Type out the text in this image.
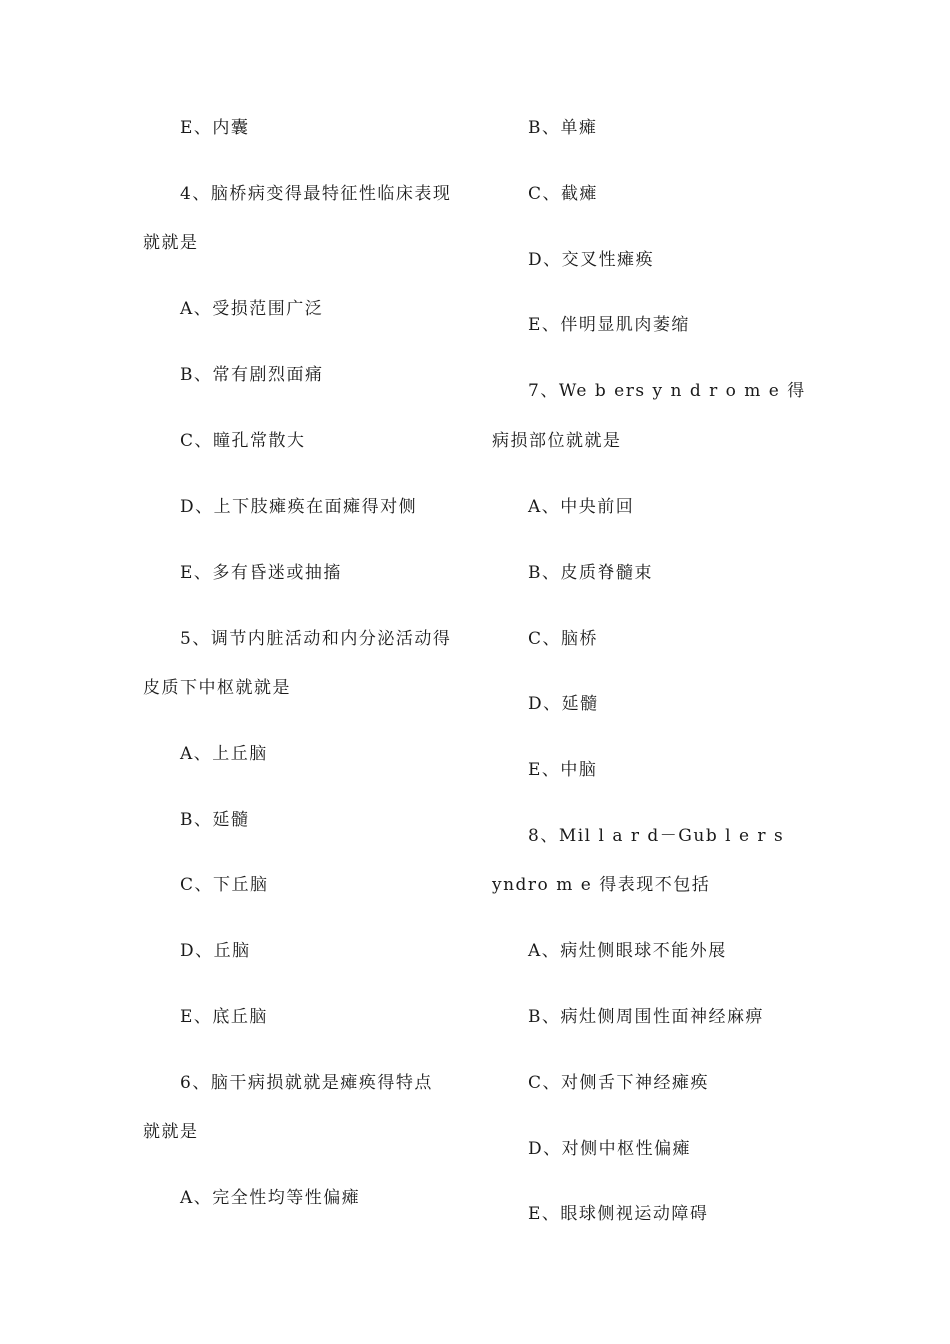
E、内囊
4、脑桥病变得最特征性临床表现
就就是
A、受损范围广泛
B、常有剧烈面痛
C、瞳孔常散大
D、上下肢瘫痪在面瘫得对侧
E、多有昏迷或抽搐
5、调节内脏活动和内分泌活动得
皮质下中枢就就是
A、上丘脑
B、延髓
C、下丘脑
D、丘脑
E、底丘脑
6、脑干病损就就是瘫痪得特点
就就是
A、完全性均等性偏瘫
B、单瘫
C、截瘫
D、交叉性瘫痪
E、伴明显肌肉萎缩
7、We b ers y n d r o m e 得
病损部位就就是
A、中央前回
B、皮质脊髓束
C、脑桥
D、延髓
E、中脑
8、Mil l a r d－Gub l e r s
yndro m e 得表现不包括
A、病灶侧眼球不能外展
B、病灶侧周围性面神经麻痹
C、对侧舌下神经瘫痪
D、对侧中枢性偏瘫
E、眼球侧视运动障碍
